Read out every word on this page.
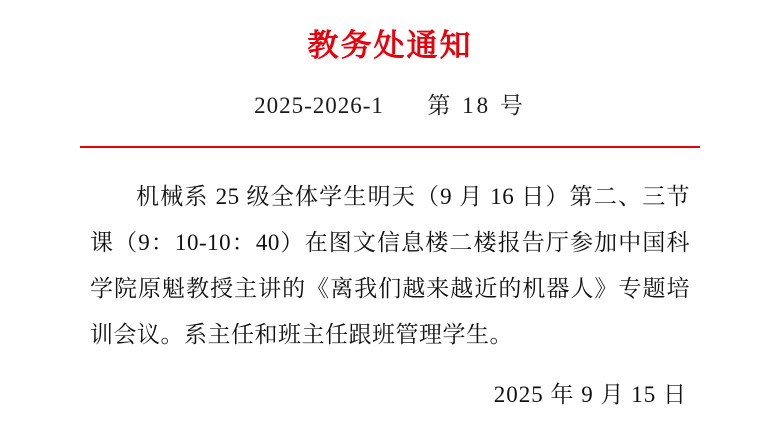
教务处通知
2025-2026-1 第 18 号

机械系 25 级全体学生明天（9 月 16 日）第二、三节课（9：10-10：40）在图文信息楼二楼报告厅参加中国科学院原魁教授主讲的《离我们越来越近的机器人》专题培训会议。系主任和班主任跟班管理学生。

2025 年 9 月 15 日
